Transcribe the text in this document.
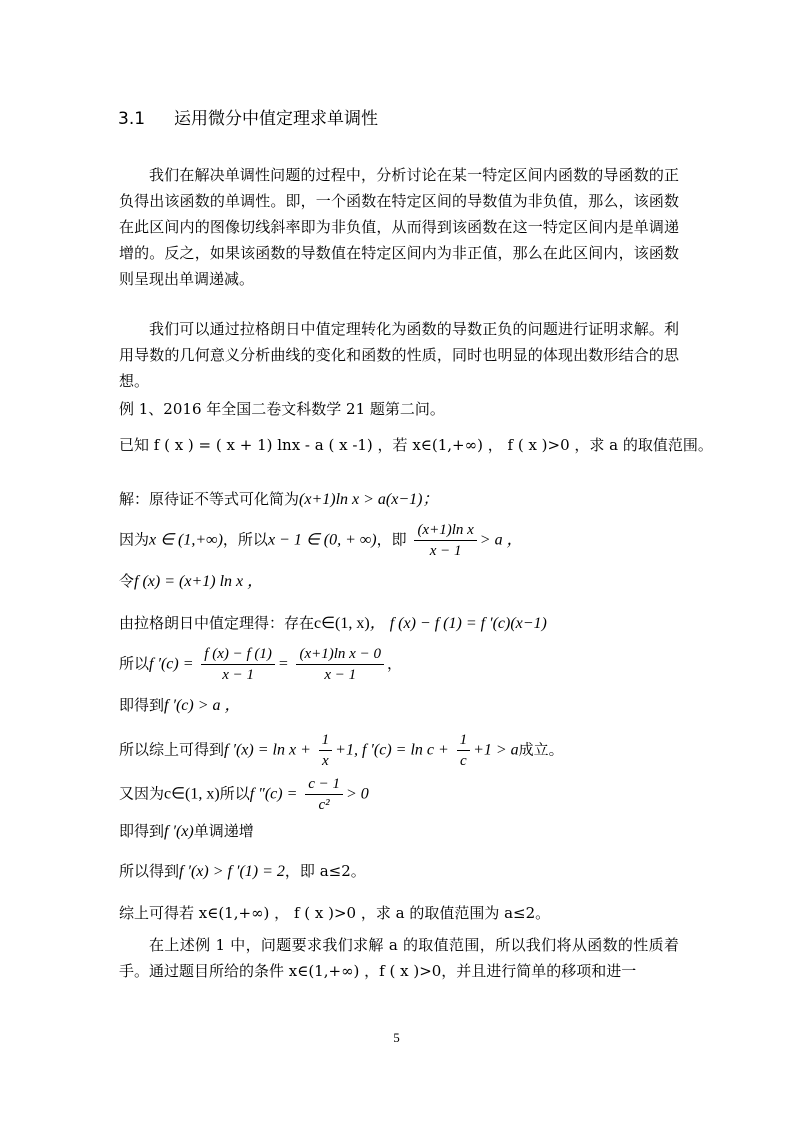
3.1 运用微分中值定理求单调性
我们在解决单调性问题的过程中，分析讨论在某一特定区间内函数的导函数的正负得出该函数的单调性。即，一个函数在特定区间的导数值为非负值，那么，该函数在此区间内的图像切线斜率即为非负值，从而得到该函数在这一特定区间内是单调递增的。反之，如果该函数的导数值在特定区间内为非正值，那么在此区间内，该函数则呈现出单调递减。
我们可以通过拉格朗日中值定理转化为函数的导数正负的问题进行证明求解。利用导数的几何意义分析曲线的变化和函数的性质，同时也明显的体现出数形结合的思想。
例 1、2016 年全国二卷文科数学 21 题第二问。
已知 f ( x ) = ( x + 1) lnx - a ( x -1) ，若 x∈(1,+∞) ， f ( x )>0 ，求 a 的取值范围。
解：原待证不等式可化简为(x+1)ln x > a(x−1)；
因为x ∈ (1,+∞)，所以x − 1 ∈ (0, + ∞)，即 $\frac{\text{(x+1)ln x}}{x - 1} > a$ ，
令f (x) = (x+1) ln x ，
由拉格朗日中值定理得：存在c∈(1, x)， f (x) − f (1) = f ′(c)(x−1)
所以f $'(c) = \frac{f (x) - f (1)}{x - 1} = \frac{\text{(x+1)ln x − 0}}{x - 1}$ ，
即得到f ′(c) > a ，
所以综上可得到f $'(x) = \ln x + \frac{1}{x} +1$, f $'(c) = \ln c + \frac{1}{c} +1 > a$成立。
又因为c∈(1, x)所以f $''(c) = \frac{c - 1}{\text{c²}} > 0$
即得到f ′(x)单调递增
所以得到f ′(x) > f ′(1) = 2，即 a≤2。
综上可得若 x∈(1,+∞) ， f ( x )>0 ，求 a 的取值范围为 a≤2。
在上述例 1 中，问题要求我们求解 a 的取值范围，所以我们将从函数的性质着手。通过题目所给的条件 x∈(1,+∞) ，f ( x )>0，并且进行简单的移项和进一
5
